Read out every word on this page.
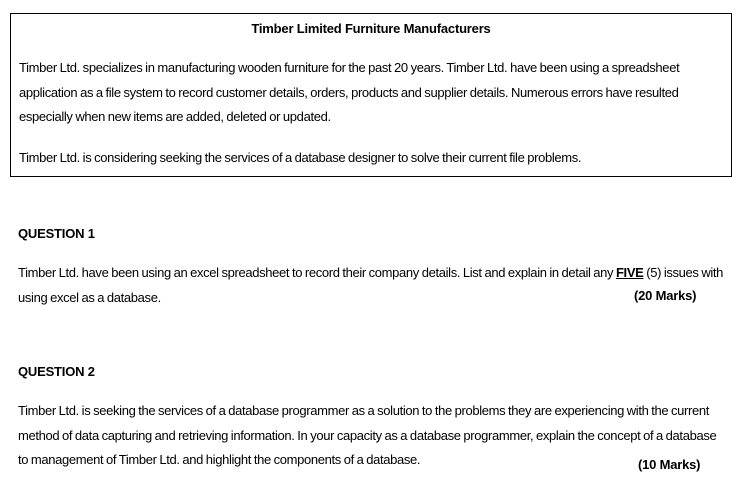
Timber Limited Furniture Manufacturers
Timber Ltd. specializes in manufacturing wooden furniture for the past 20 years. Timber Ltd. have been using a spreadsheet application as a file system to record customer details, orders, products and supplier details. Numerous errors have resulted especially when new items are added, deleted or updated.
Timber Ltd. is considering seeking the services of a database designer to solve their current file problems.
QUESTION 1
Timber Ltd. have been using an excel spreadsheet to record their company details. List and explain in detail any FIVE (5) issues with using excel as a database.	(20 Marks)
QUESTION 2
Timber Ltd. is seeking the services of a database programmer as a solution to the problems they are experiencing with the current method of data capturing and retrieving information. In your capacity as a database programmer, explain the concept of a database to management of Timber Ltd. and highlight the components of a database.	(10 Marks)
